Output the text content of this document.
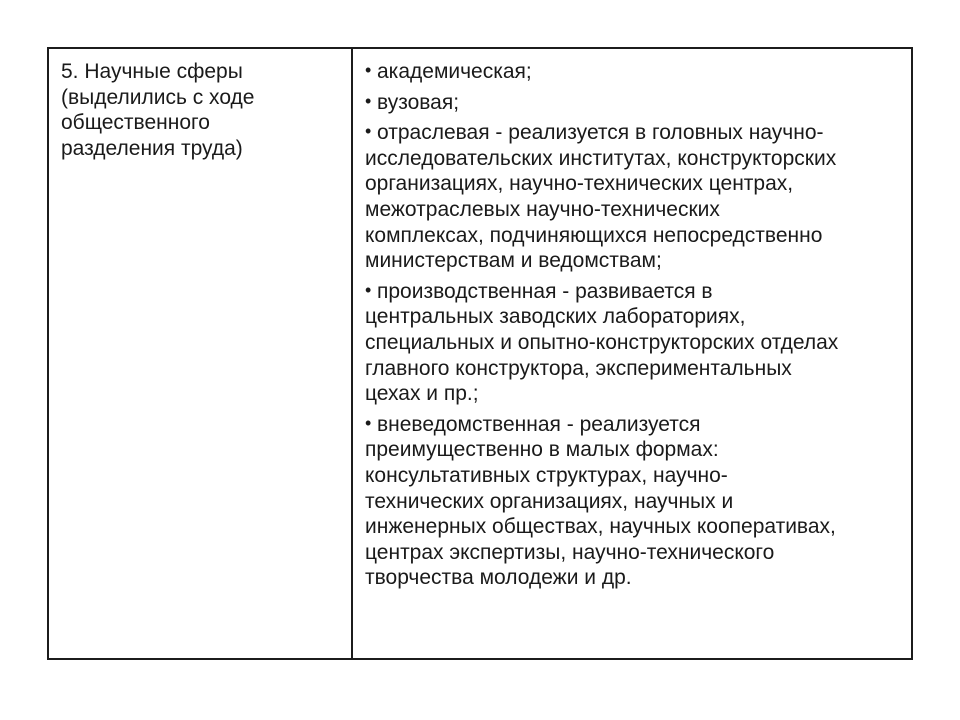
5. Научные сферы
(выделились с ходе
общественного
разделения труда)

• академическая;
• вузовая;
• отраслевая - реализуется в головных научно-
исследовательских институтах, конструкторских
организациях, научно-технических центрах,
межотраслевых научно-технических
комплексах, подчиняющихся непосредственно
министерствам и ведомствам;
• производственная - развивается в
центральных заводских лабораториях,
специальных и опытно-конструкторских отделах
главного конструктора, экспериментальных
цехах и пр.;
• вневедомственная - реализуется
преимущественно в малых формах:
консультативных структурах, научно-
технических организациях, научных и
инженерных обществах, научных кооперативах,
центрах экспертизы, научно-технического
творчества молодежи и др.
